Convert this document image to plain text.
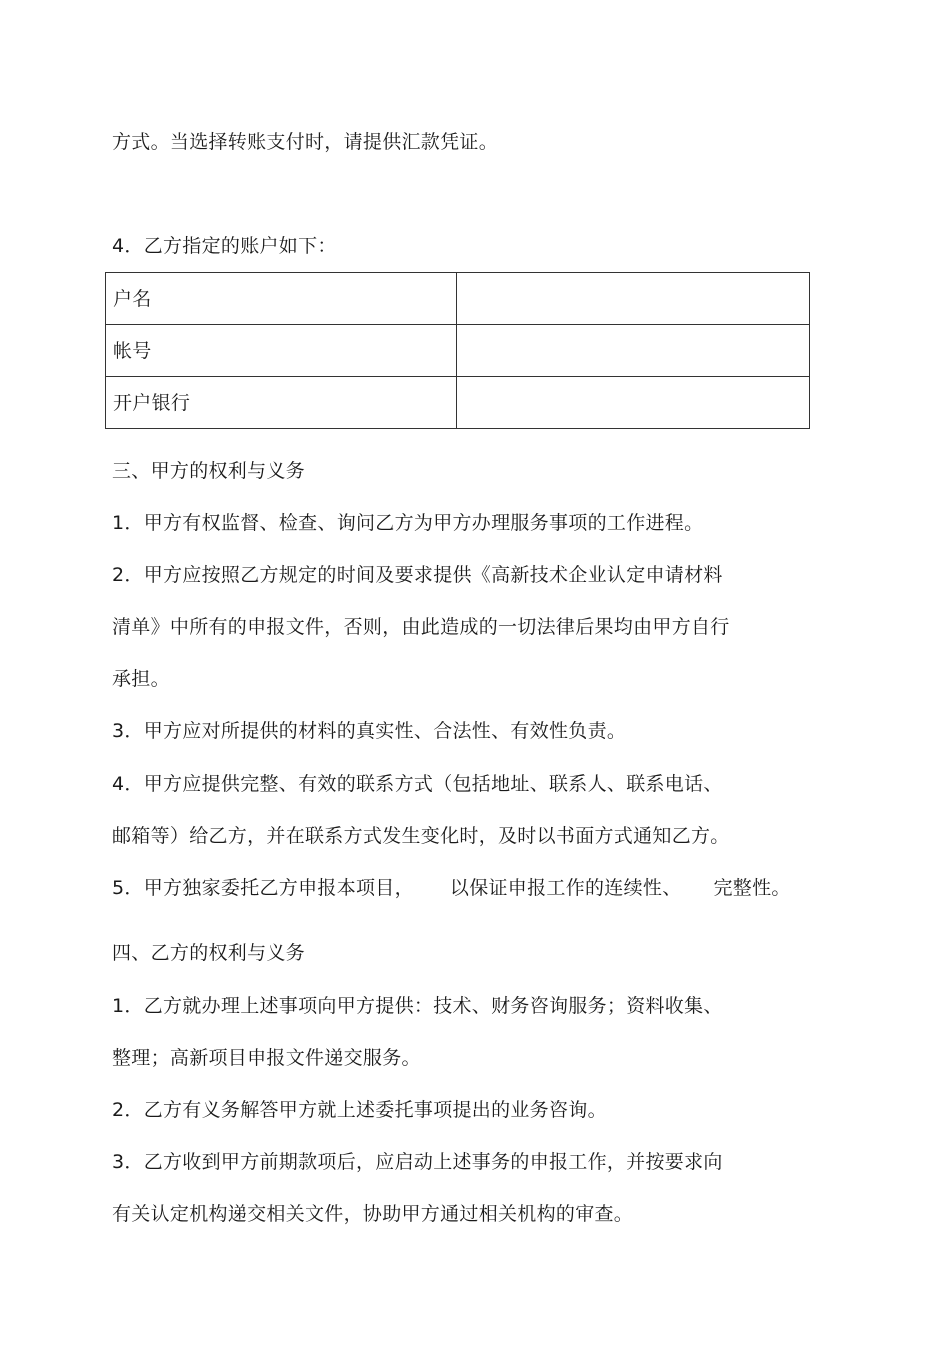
方式。当选择转账支付时，请提供汇款凭证。
4．乙方指定的账户如下：
户名	
帐号	
开户银行	
三、甲方的权利与义务
1．甲方有权监督、检查、询问乙方为甲方办理服务事项的工作进程。
2．甲方应按照乙方规定的时间及要求提供《高新技术企业认定申请材料
清单》中所有的申报文件，否则，由此造成的一切法律后果均由甲方自行
承担。
3．甲方应对所提供的材料的真实性、合法性、有效性负责。
4．甲方应提供完整、有效的联系方式（包括地址、联系人、联系电话、
邮箱等）给乙方，并在联系方式发生变化时，及时以书面方式通知乙方。
5．甲方独家委托乙方申报本项目， 以保证申报工作的连续性、 完整性。
四、乙方的权利与义务
1．乙方就办理上述事项向甲方提供：技术、财务咨询服务；资料收集、
整理；高新项目申报文件递交服务。
2．乙方有义务解答甲方就上述委托事项提出的业务咨询。
3．乙方收到甲方前期款项后，应启动上述事务的申报工作，并按要求向
有关认定机构递交相关文件，协助甲方通过相关机构的审查。
